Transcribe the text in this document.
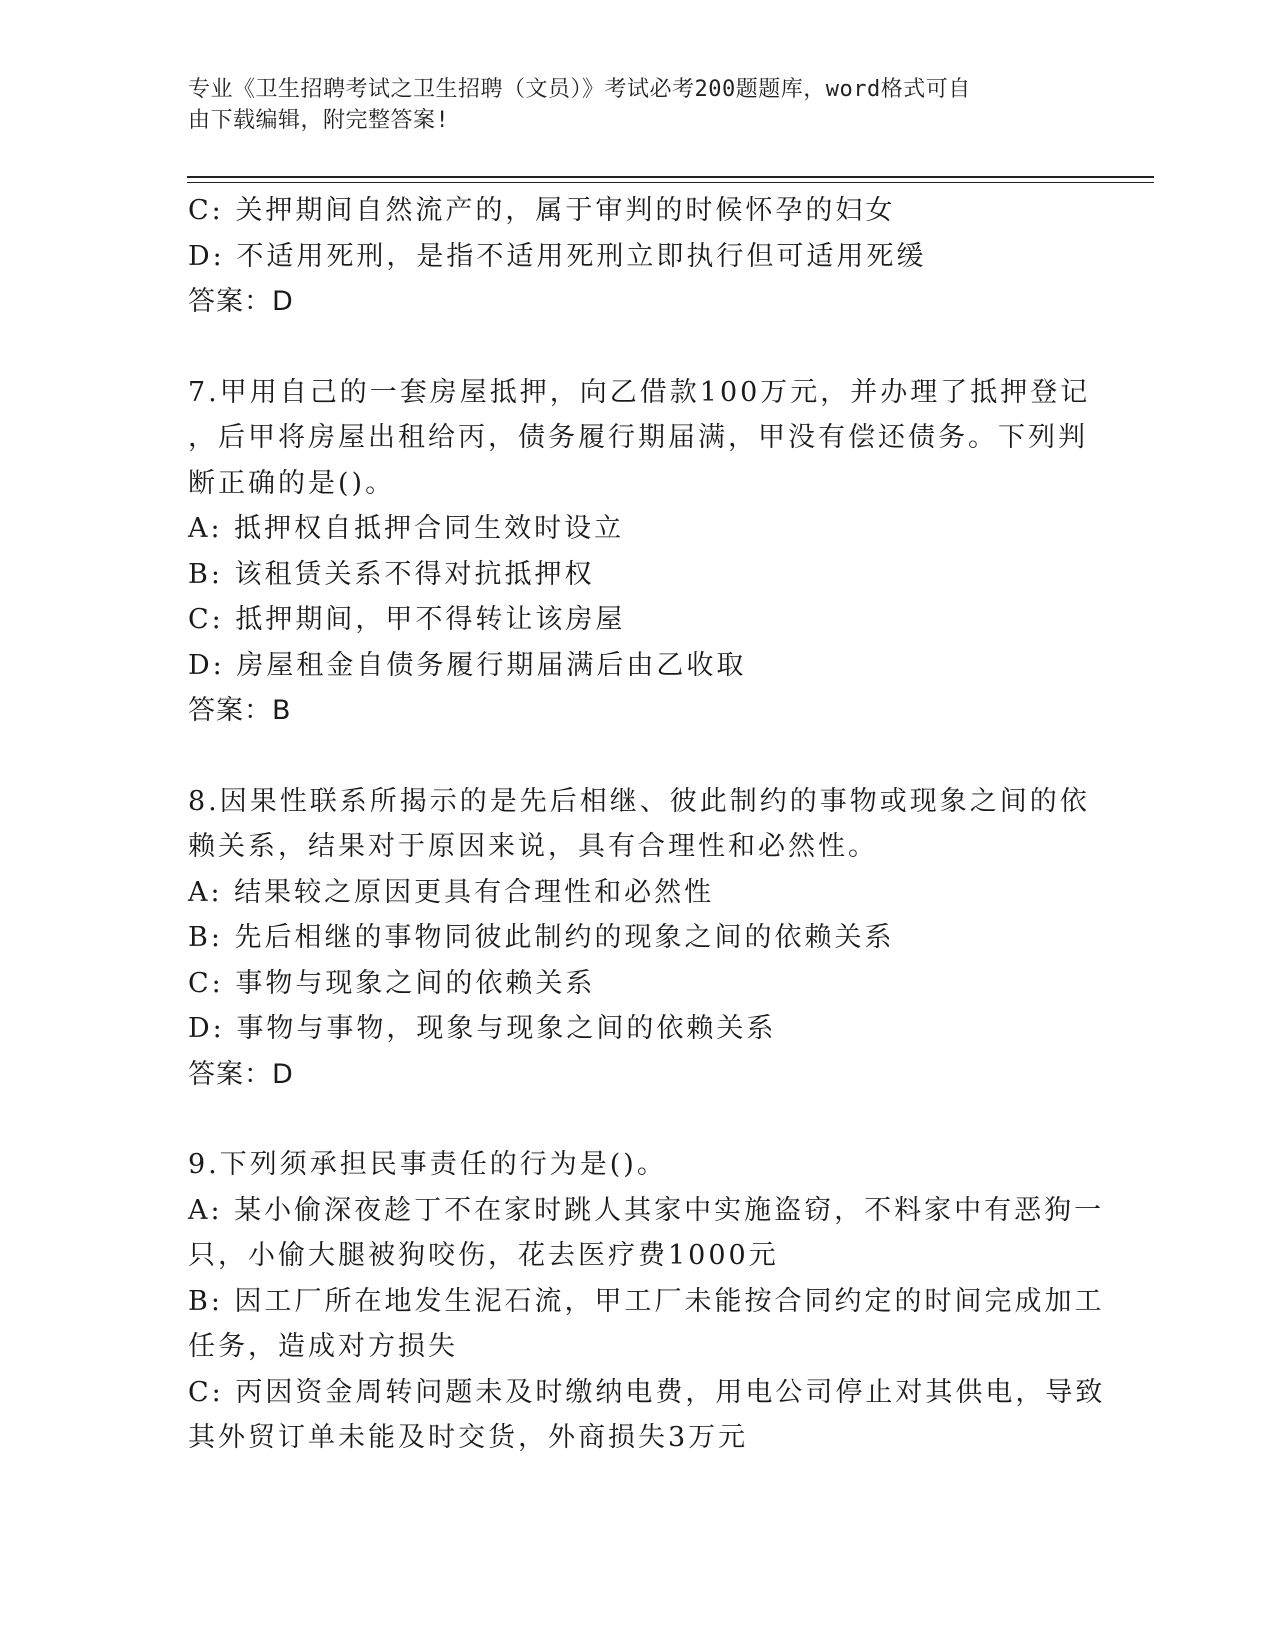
专业《卫生招聘考试之卫生招聘（文员）》考试必考200题题库，word格式可自
由下载编辑，附完整答案!
C: 关押期间自然流产的，属于审判的时候怀孕的妇女
D: 不适用死刑，是指不适用死刑立即执行但可适用死缓
答案：D
7.甲用自己的一套房屋抵押，向乙借款100万元，并办理了抵押登记
，后甲将房屋出租给丙，债务履行期届满，甲没有偿还债务。下列判
断正确的是()。
A: 抵押权自抵押合同生效时设立
B: 该租赁关系不得对抗抵押权
C: 抵押期间，甲不得转让该房屋
D: 房屋租金自债务履行期届满后由乙收取
答案：B
8.因果性联系所揭示的是先后相继、彼此制约的事物或现象之间的依
赖关系，结果对于原因来说，具有合理性和必然性。
A: 结果较之原因更具有合理性和必然性
B: 先后相继的事物同彼此制约的现象之间的依赖关系
C: 事物与现象之间的依赖关系
D: 事物与事物，现象与现象之间的依赖关系
答案：D
9.下列须承担民事责任的行为是()。
A: 某小偷深夜趁丁不在家时跳人其家中实施盗窃，不料家中有恶狗一
只，小偷大腿被狗咬伤，花去医疗费1000元
B: 因工厂所在地发生泥石流，甲工厂未能按合同约定的时间完成加工
任务，造成对方损失
C: 丙因资金周转问题未及时缴纳电费，用电公司停止对其供电，导致
其外贸订单未能及时交货，外商损失3万元
